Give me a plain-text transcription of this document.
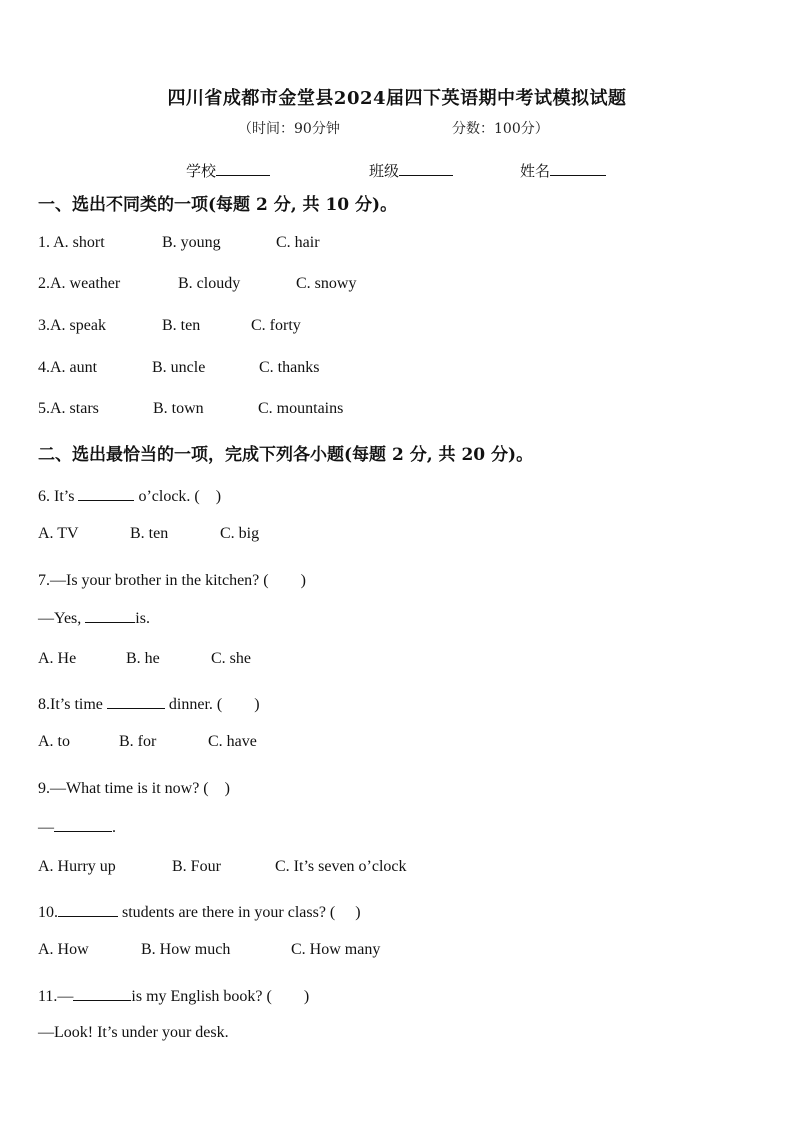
四川省成都市金堂县2024届四下英语期中考试模拟试题
（时间：90分钟	分数：100分）
学校	班级	姓名
一、选出不同类的一项(每题 2 分, 共 10 分)。
1. A. short	B. young	C. hair
2.A. weather	B. cloudy	C. snowy
3.A. speak	B. ten	C. forty
4.A. aunt	B. uncle	C. thanks
5.A. stars	B. town	C. mountains
二、选出最恰当的一项，完成下列各小题(每题 2 分, 共 20 分)。
6. It’s	o’clock. (　)
A. TV	B. ten	C. big
7.—Is your brother in the kitchen? (　　)
—Yes,	is.
A. He	B. he	C. she
8.It’s time	dinner. (　　)
A. to	B. for	C. have
9.—What time is it now? (　)
—	.
A. Hurry up	B. Four	C. It’s seven o’clock
10.	students are there in your class? (　 )
A. How	B. How much	C. How many
11.—	is my English book? (　　)
—Look! It’s under your desk.
